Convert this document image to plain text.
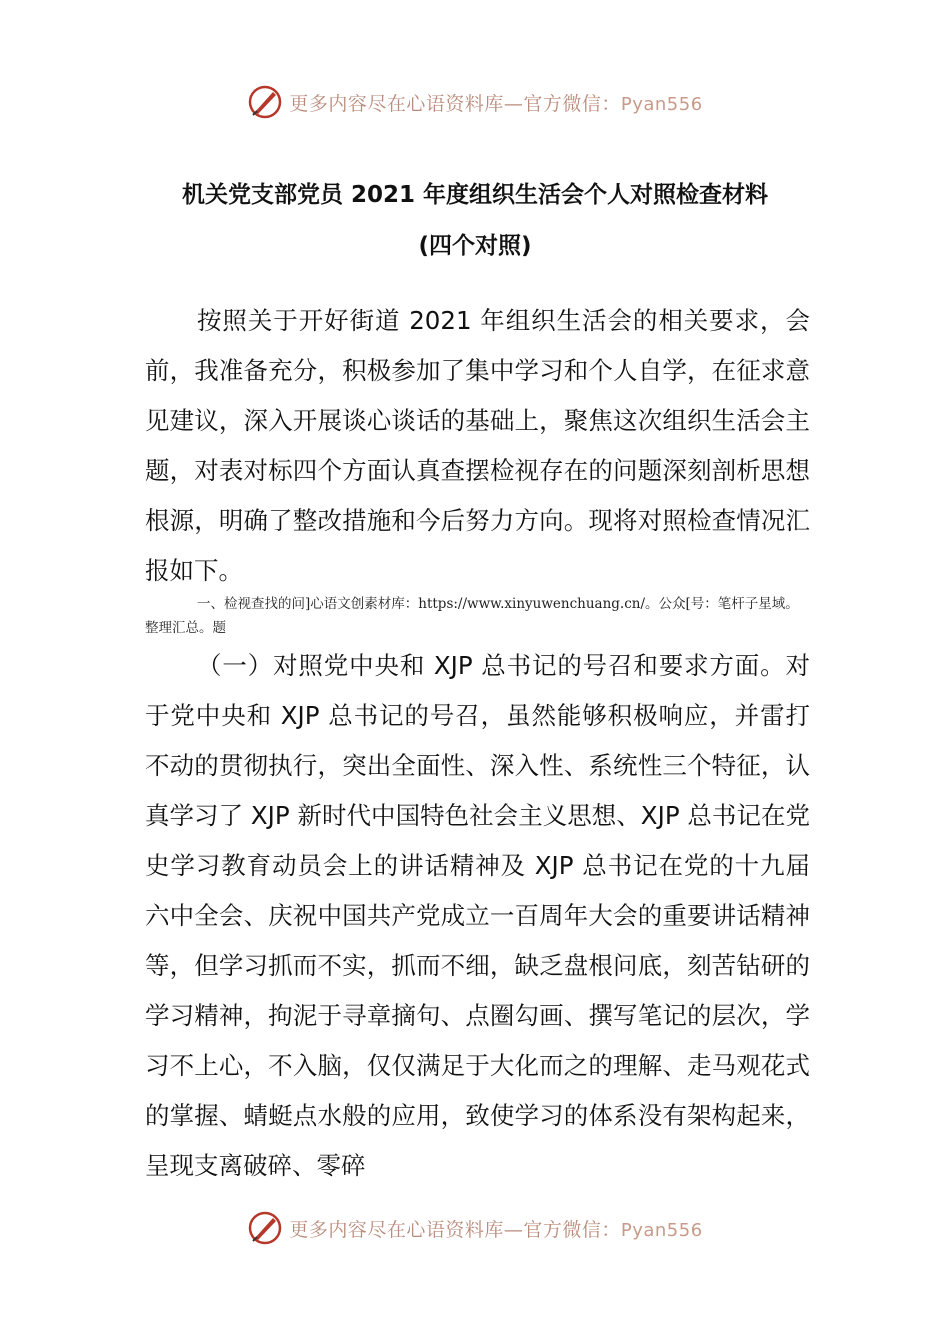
更多内容尽在心语资料库—官方微信：Pyan556
机关党支部党员 2021 年度组织生活会个人对照检查材料
(四个对照)
按照关于开好街道 2021 年组织生活会的相关要求，会前，我准备充分，积极参加了集中学习和个人自学，在征求意见建议，深入开展谈心谈话的基础上，聚焦这次组织生活会主题，对表对标四个方面认真查摆检视存在的问题深刻剖析思想根源，明确了整改措施和今后努力方向。现将对照检查情况汇报如下。
一、检视查找的问]心语文创素材库：https://www.xinyuwenchuang.cn/。公众[号：笔杆子星域。整理汇总。题
（一）对照党中央和 XJP 总书记的号召和要求方面。对于党中央和 XJP 总书记的号召，虽然能够积极响应，并雷打不动的贯彻执行，突出全面性、深入性、系统性三个特征，认真学习了 XJP 新时代中国特色社会主义思想、XJP 总书记在党史学习教育动员会上的讲话精神及 XJP 总书记在党的十九届六中全会、庆祝中国共产党成立一百周年大会的重要讲话精神等，但学习抓而不实，抓而不细，缺乏盘根问底，刻苦钻研的学习精神，拘泥于寻章摘句、点圈勾画、撰写笔记的层次，学习不上心，不入脑，仅仅满足于大化而之的理解、走马观花式的掌握、蜻蜓点水般的应用，致使学习的体系没有架构起来，呈现支离破碎、零碎
更多内容尽在心语资料库—官方微信：Pyan556
